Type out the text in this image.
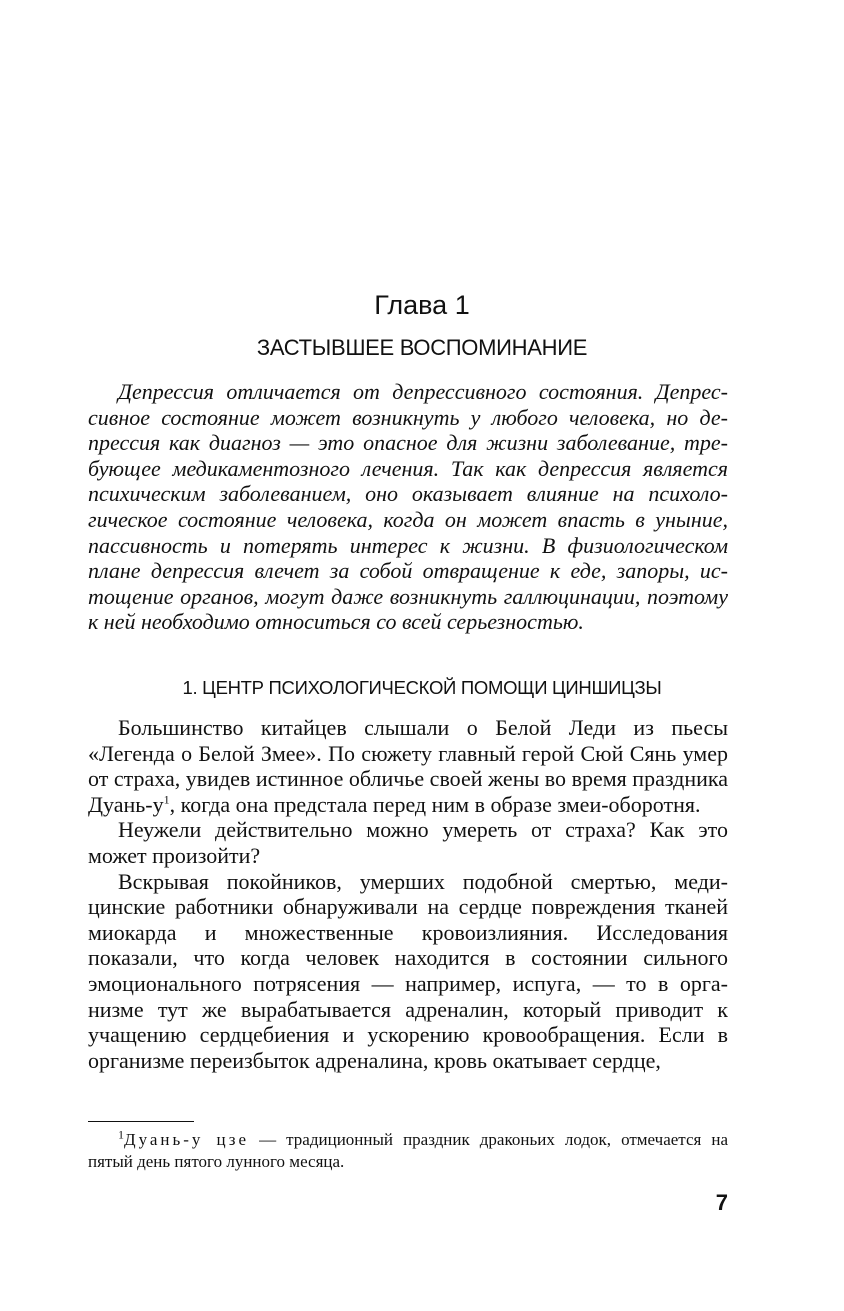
Глава 1
ЗАСТЫВШЕЕ ВОСПОМИНАНИЕ

Депрессия отличается от депрессивного состояния. Депрессивное состояние может возникнуть у любого человека, но депрессия как диагноз — это опасное для жизни заболевание, требующее медикаментозного лечения. Так как депрессия является психическим заболеванием, оно оказывает влияние на психологическое состояние человека, когда он может впасть в уныние, пассивность и потерять интерес к жизни. В физиологическом плане депрессия влечет за собой отвращение к еде, запоры, истощение органов, могут даже возникнуть галлюцинации, поэтому к ней необходимо относиться со всей серьезностью.

1. ЦЕНТР ПСИХОЛОГИЧЕСКОЙ ПОМОЩИ ЦИНШИЦЗЫ

Большинство китайцев слышали о Белой Леди из пьесы «Легенда о Белой Змее». По сюжету главный герой Сюй Сянь умер от страха, увидев истинное обличье своей жены во время праздника Дуань-$у^1$, когда она предстала перед ним в образе змеи-оборотня.

Неужели действительно можно умереть от страха? Как это может произойти?

Вскрывая покойников, умерших подобной смертью, медицинские работники обнаруживали на сердце повреждения тканей миокарда и множественные кровоизлияния. Исследования показали, что когда человек находится в состоянии сильного эмоционального потрясения — например, испуга, — то в организме тут же вырабатывается адреналин, который приводит к учащению сердцебиения и ускорению кровообращения. Если в организме переизбыток адреналина, кровь окатывает сердце,

$^1$Дуань-у цзе — традиционный праздник драконьих лодок, отмечается на пятый день пятого лунного месяца.

7
